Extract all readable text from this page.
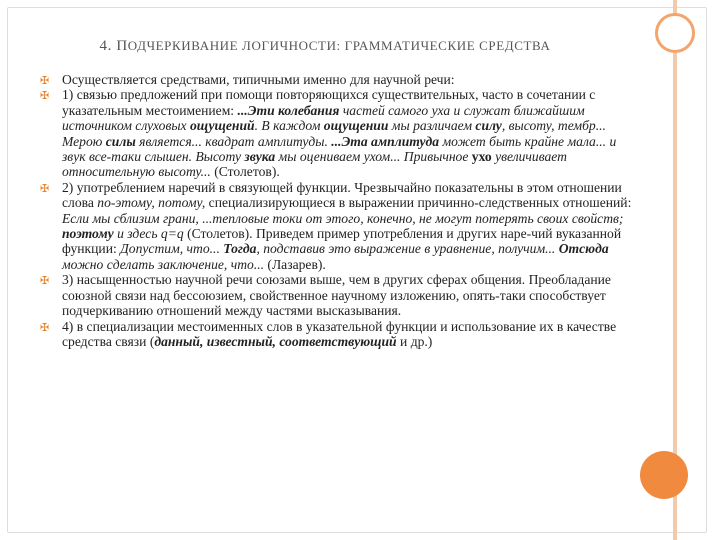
4. ПОДЧЕРКИВАНИЕ ЛОГИЧНОСТИ: ГРАММАТИЧЕСКИЕ СРЕДСТВА
✠ Осуществляется средствами, типичными именно для научной речи:
✠ 1) связью предложений при помощи повторяющихся существительных, часто в сочетании с указательным местоимением: ...Эти колебания частей самого уха и служат ближайшим источником слуховых ощущений. В каждом ощущении мы различаем силу, высоту, тембр... Мерою силы является... квадрат амплитуды. ...Эта амплитуда может быть крайне мала... и звук все-таки слышен. Высоту звука мы оцениваем ухом... Привычное ухо увеличивает относительную высоту... (Столетов).
✠ 2) употреблением наречий в связующей функции. Чрезвычайно показательны в этом отношении слова по-этому, потому, специализирующиеся в выражении причинно-следственных отношений: Если мы сблизим грани, ...тепловые токи от этого, конечно, не могут потерять своих свойств; поэтому и здесь q=q (Столетов). Приведем пример употребления и других наре-чий вуказанной функции: Допустим, что... Тогда, подставив это выражение в уравнение, получим... Отсюда можно сделать заключение, что... (Лазарев).
✠ 3) насыщенностью научной речи союзами выше, чем в других сферах общения. Преобладание союзной связи над бессоюзием, свойственное научному изложению, опять-таки способствует подчеркиванию отношений между частями высказывания.
✠ 4) в специализации местоименных слов в указательной функции и использование их в качестве средства связи (данный, известный, соответствующий и др.)
